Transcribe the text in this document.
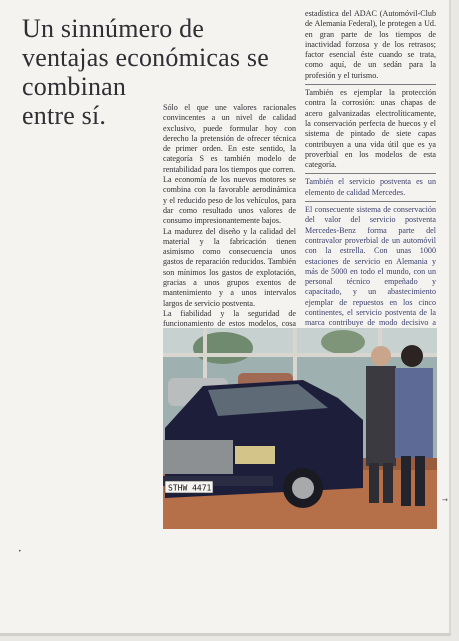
Un sinnúmero de
ventajas económicas se
combinan
entre sí.	Sólo el que une valores racionales convincentes a un nivel de calidad exclusivo, puede formular hoy con derecho la pretensión de ofrecer técnica de primer orden. En este sentido, la categoría S es también modelo de rentabilidad para los tiempos que corren.

La economía de los nuevos motores se combina con la favorable aerodinámica y el reducido peso de los vehículos, para dar como resultado unos valores de consumo impresionantemente bajos.

La madurez del diseño y la calidad del material y la fabricación tienen asimismo como consecuencia unos gastos de reparación reducidos. También son mínimos los gastos de explotación, gracias a unos grupos exentos de mantenimiento y a unos intervalos largos de servicio postventa.

La fiabilidad y la seguridad de funcionamiento de estos modelos, cosa

estadística del ADAC (Automóvil-Club de Alemania Federal), le protegen a Ud. en gran parte de los tiempos de inactividad forzosa y de los retrasos; factor esencial éste cuando se trata, como aquí, de un sedán para la profesión y el turismo.

También es ejemplar la protección contra la corrosión: unas chapas de acero galvanizadas electrolíticamente, la conservación perfecta de huecos y el sistema de pintado de siete capas contribuyen a una vida útil que es ya proverbial en los modelos de esta categoría.

También el servicio postventa es un elemento de calidad Mercedes.

El consecuente sistema de conservación del valor del servicio postventa Mercedes-Benz forma parte del contravalor proverbial de un automóvil con la estrella. Con unas 1000 estaciones de servicio en Alemania y más de 5000 en todo el mundo, con un personal técnico empeñado y capacitado, y un abastecimiento ejemplar de repuestos en los cinco continentes, el servicio postventa de la marca contribuye de modo decisivo a

STHW 4471
→
•
